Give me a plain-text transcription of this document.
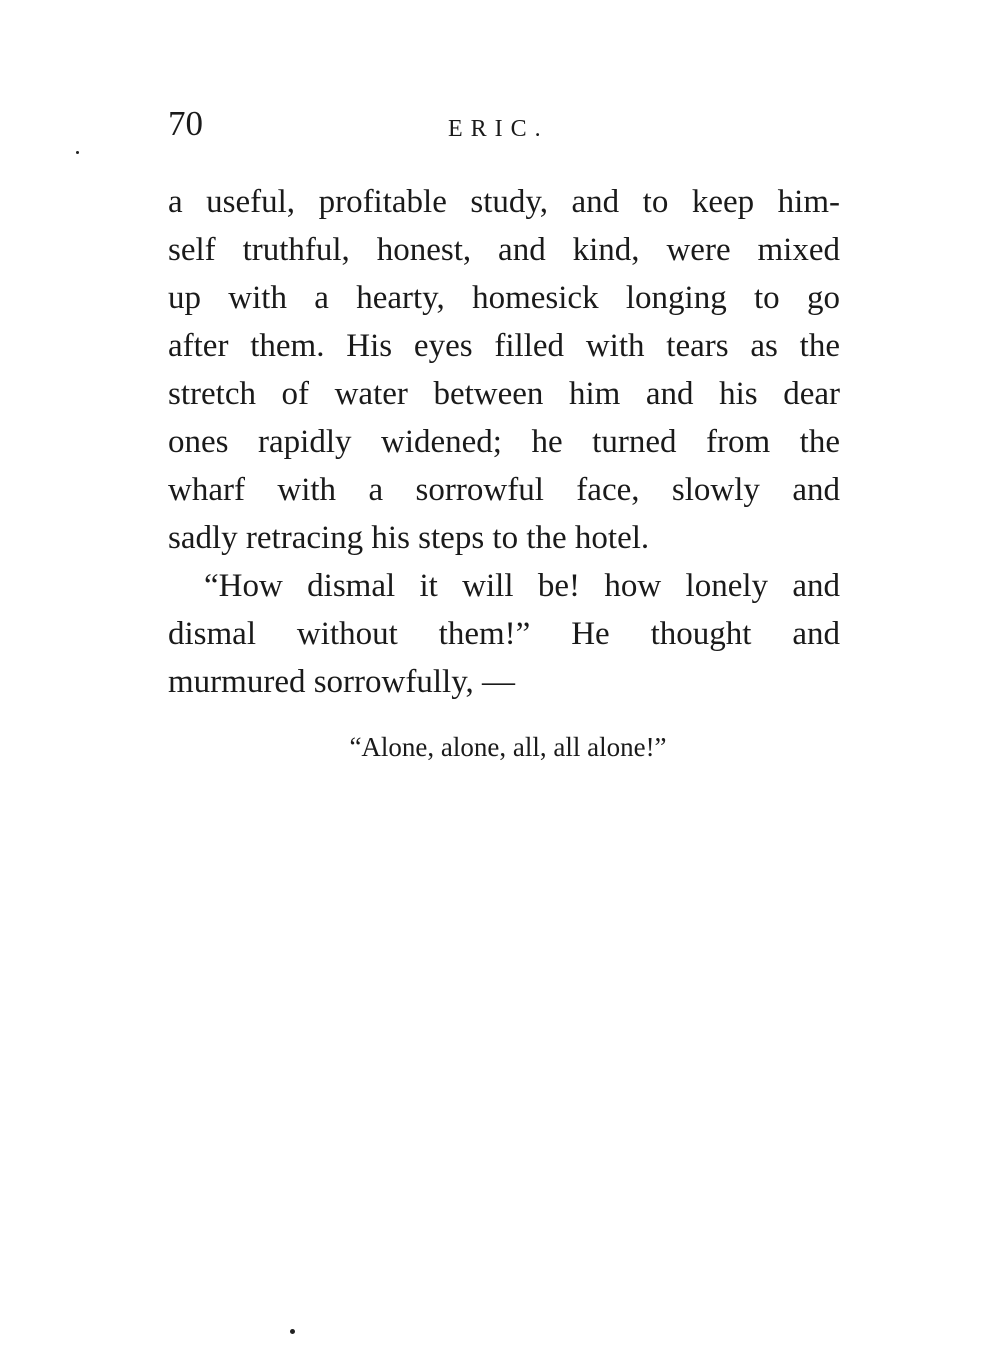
70	ERIC.
a useful, profitable study, and to keep him-
self truthful, honest, and kind, were mixed
up with a hearty, homesick longing to go
after them. His eyes filled with tears as the
stretch of water between him and his dear
ones rapidly widened; he turned from the
wharf with a sorrowful face, slowly and
sadly retracing his steps to the hotel.
“How dismal it will be! how lonely and
dismal without them!” He thought and
murmured sorrowfully, —
“Alone, alone, all, all alone!”
